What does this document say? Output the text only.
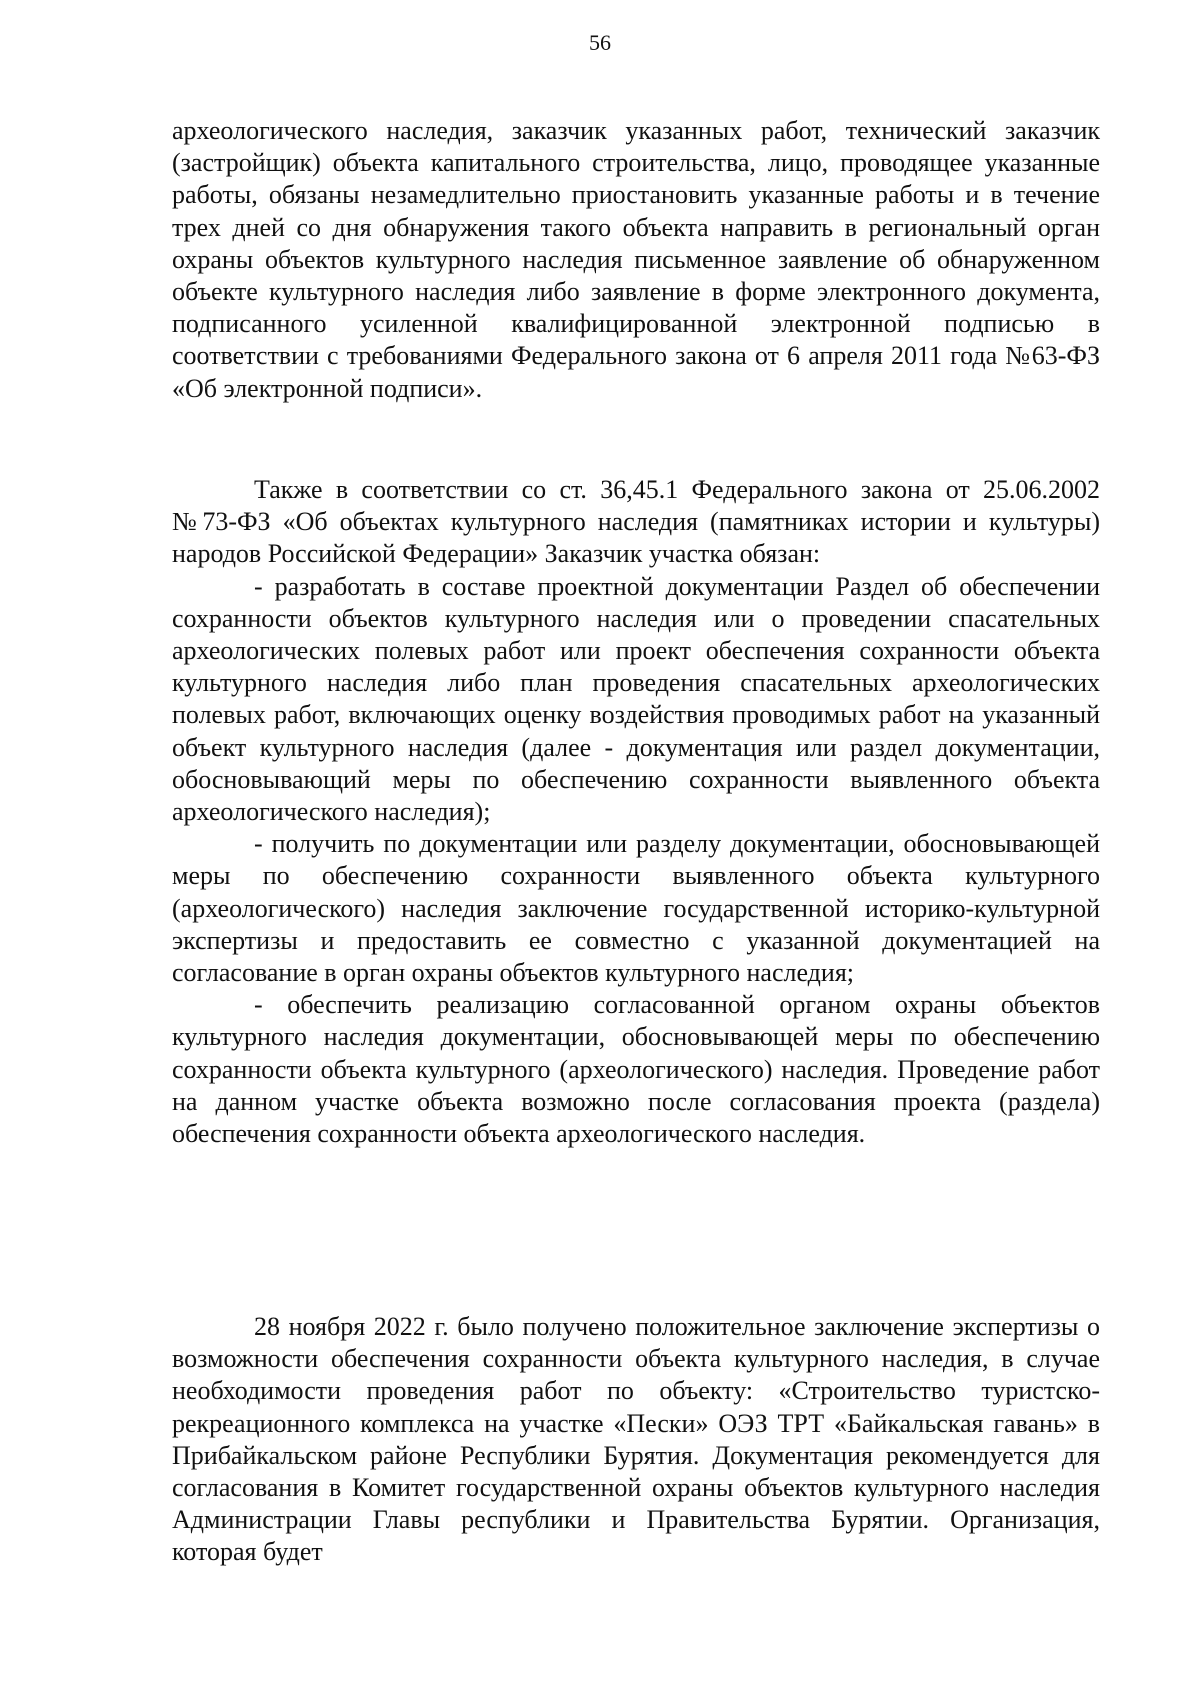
56

археологического наследия, заказчик указанных работ, технический заказчик (застройщик) объекта капитального строительства, лицо, проводящее указанные работы, обязаны незамедлительно приостановить указанные работы и в течение трех дней со дня обнаружения такого объекта направить в региональный орган охраны объектов культурного наследия письменное заявление об обнаруженном объекте культурного наследия либо заявление в форме электронного документа, подписанного усиленной квалифицированной электронной подписью в соответствии с требованиями Федерального закона от 6 апреля 2011 года №63-ФЗ «Об электронной подписи».

Также в соответствии со ст. 36,45.1 Федерального закона от 25.06.2002 №73-ФЗ «Об объектах культурного наследия (памятниках истории и культуры) народов Российской Федерации» Заказчик участка обязан:

- разработать в составе проектной документации Раздел об обеспечении сохранности объектов культурного наследия или о проведении спасательных археологических полевых работ или проект обеспечения сохранности объекта культурного наследия либо план проведения спасательных археологических полевых работ, включающих оценку воздействия проводимых работ на указанный объект культурного наследия (далее - документация или раздел документации, обосновывающий меры по обеспечению сохранности выявленного объекта археологического наследия);

- получить по документации или разделу документации, обосновывающей меры по обеспечению сохранности выявленного объекта культурного (археологического) наследия заключение государственной историко-культурной экспертизы и предоставить ее совместно с указанной документацией на согласование в орган охраны объектов культурного наследия;

- обеспечить реализацию согласованной органом охраны объектов культурного наследия документации, обосновывающей меры по обеспечению сохранности объекта культурного (археологического) наследия. Проведение работ на данном участке объекта возможно после согласования проекта (раздела) обеспечения сохранности объекта археологического наследия.

28 ноября 2022 г. было получено положительное заключение экспертизы о возможности обеспечения сохранности объекта культурного наследия, в случае необходимости проведения работ по объекту: «Строительство туристско-рекреационного комплекса на участке «Пески» ОЭЗ ТРТ «Байкальская гавань» в Прибайкальском районе Республики Бурятия. Документация рекомендуется для согласования в Комитет государственной охраны объектов культурного наследия Администрации Главы республики и Правительства Бурятии. Организация, которая будет
